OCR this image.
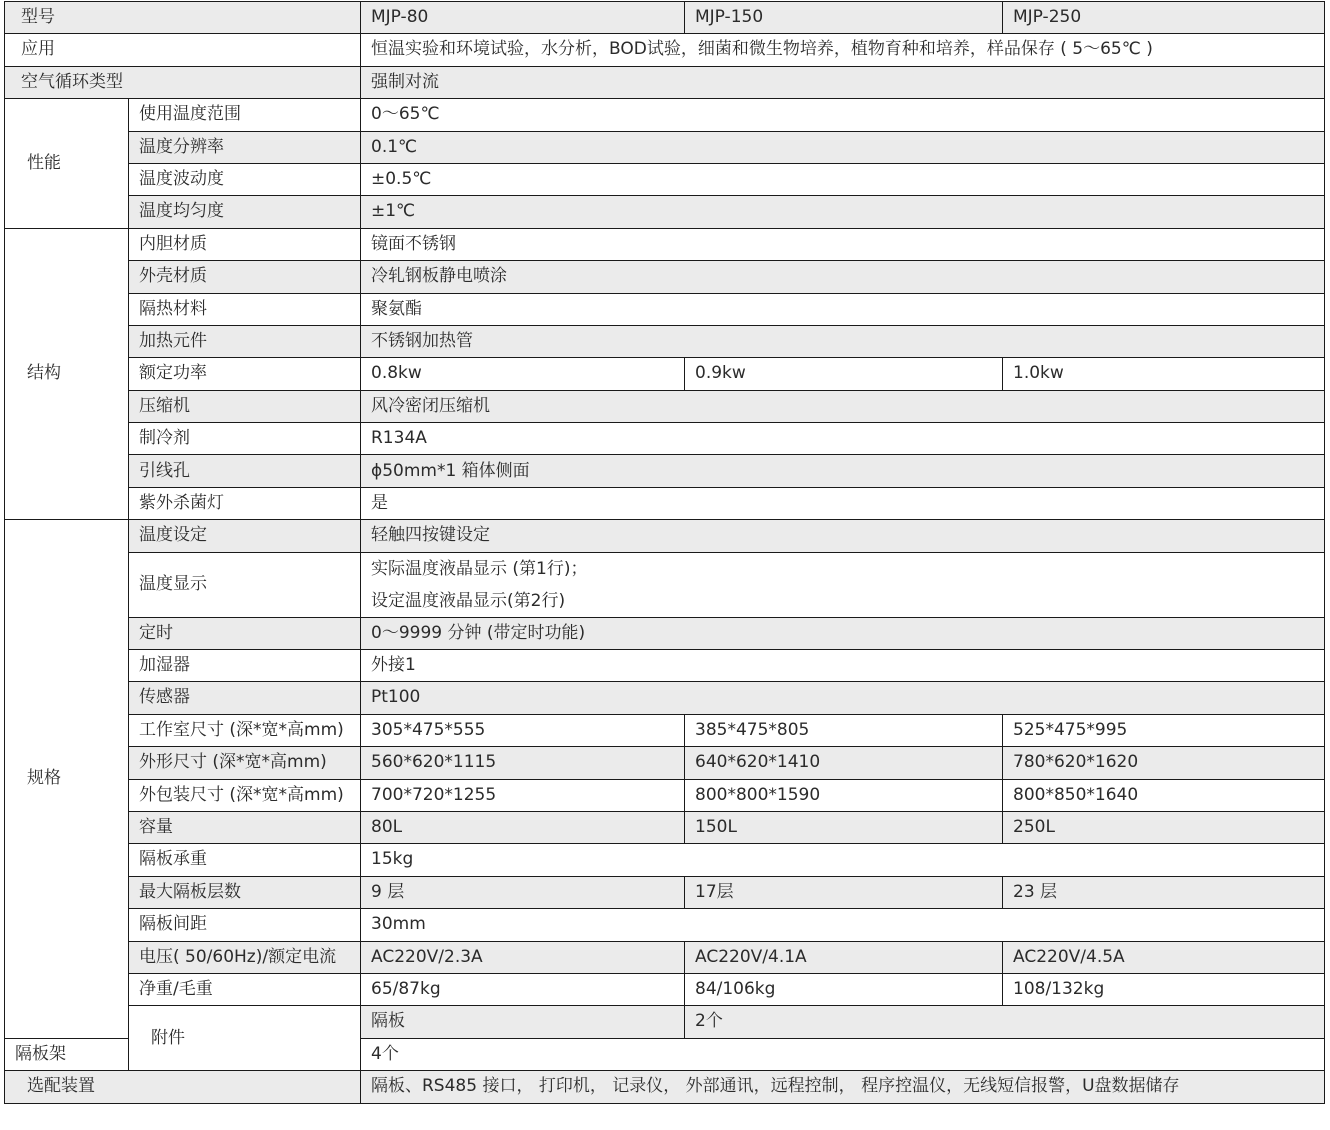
型号		MJP-80	MJP-150	MJP-250
应用		恒温实验和环境试验，水分析，BOD试验，细菌和微生物培养，植物育种和培养，样品保存 ( 5～65℃ )		
空气循环类型		强制对流		
性能	使用温度范围	0～65℃		
	温度分辨率	0.1℃		
	温度波动度	±0.5℃		
	温度均匀度	±1℃		
结构	内胆材质	镜面不锈钢		
	外壳材质	冷轧钢板静电喷涂		
	隔热材料	聚氨酯		
	加热元件	不锈钢加热管		
	额定功率	0.8kw	0.9kw	1.0kw
	压缩机	风冷密闭压缩机		
	制冷剂	R134A		
	引线孔	ϕ50mm*1 箱体侧面		
	紫外杀菌灯	是		
规格	温度设定	轻触四按键设定		
	温度显示	实际温度液晶显示 (第1行)；
设定温度液晶显示(第2行)		

	定时	0～9999 分钟 (带定时功能)		
	加湿器	外接1		
	传感器	Pt100		
	工作室尺寸 (深*宽*高mm)	305*475*555	385*475*805	525*475*995
	外形尺寸 (深*宽*高mm)	560*620*1115	640*620*1410	780*620*1620
	外包装尺寸 (深*宽*高mm)	700*720*1255	800*800*1590	800*850*1640
	容量	80L	150L	250L
	隔板承重	15kg		
	最大隔板层数	9 层	17层	23 层
	隔板间距	30mm		
	电压( 50/60Hz)/额定电流	AC220V/2.3A	AC220V/4.1A	AC220V/4.5A
	净重/毛重	65/87kg	84/106kg	108/132kg
	附件	隔板	2个	
隔板架		4个		
选配装置		隔板、RS485 接口， 打印机， 记录仪， 外部通讯，远程控制， 程序控温仪，无线短信报警，U盘数据储存		
